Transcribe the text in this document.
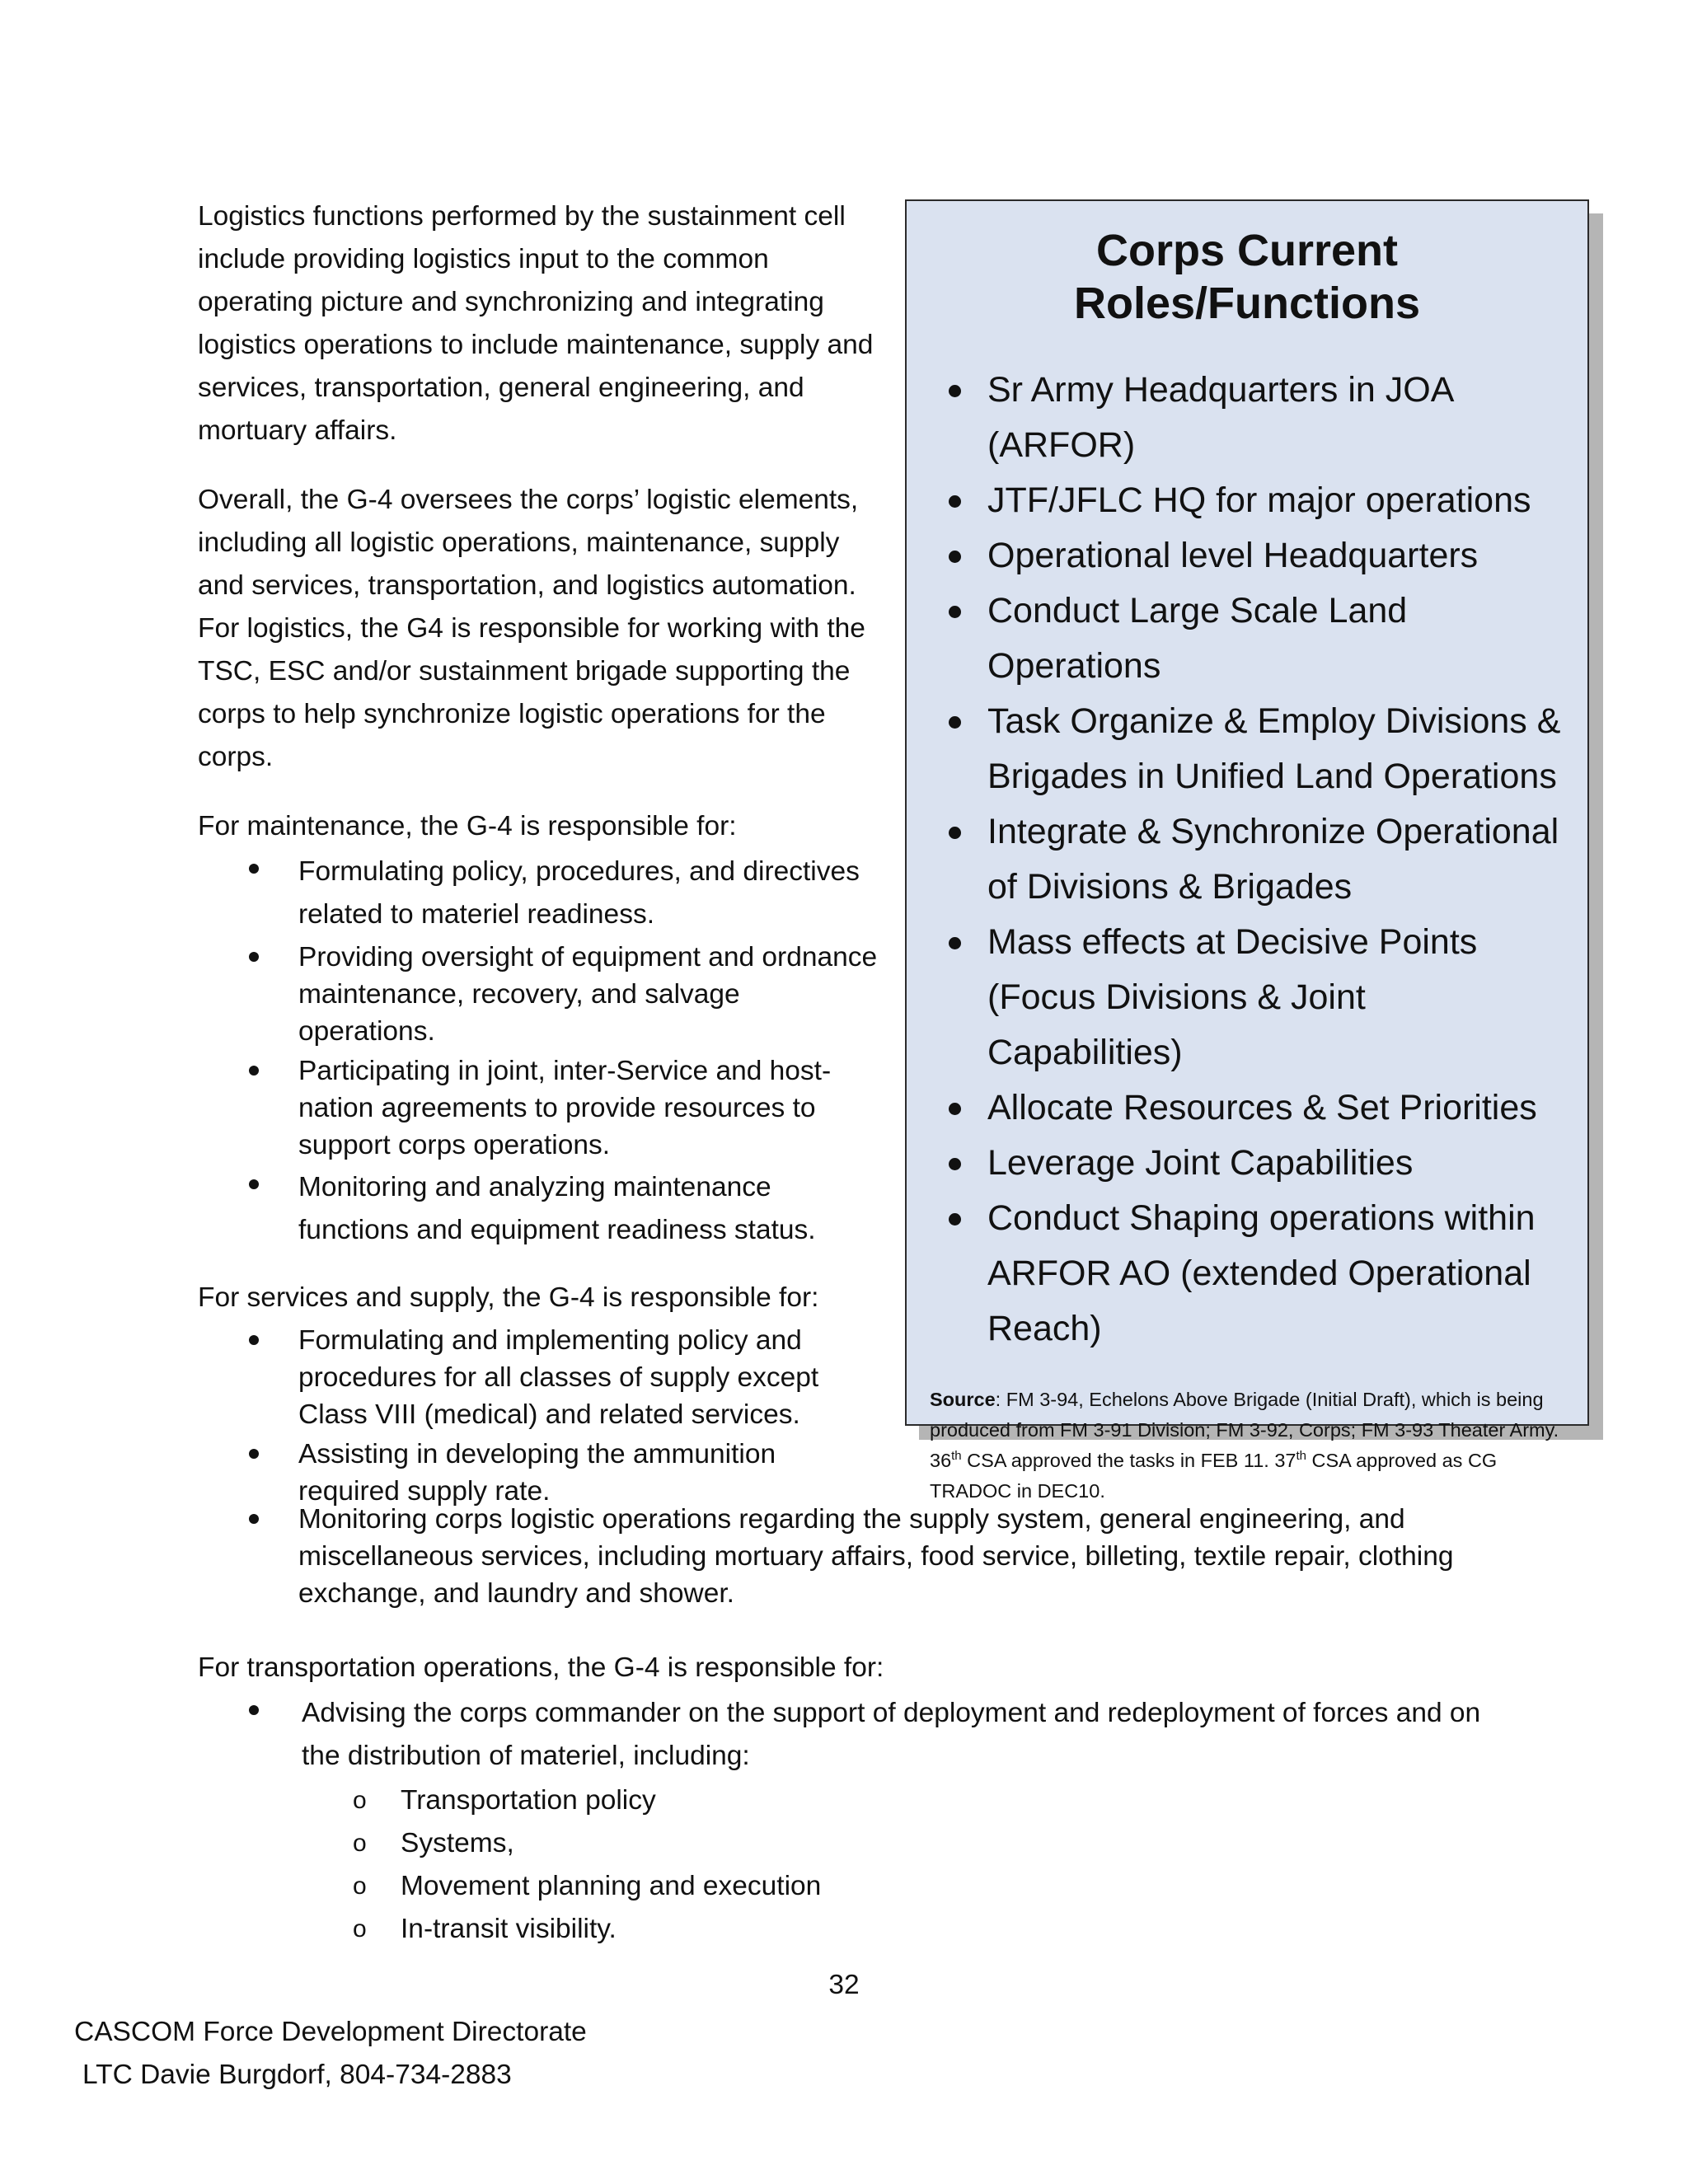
Logistics functions performed by the sustainment cell include providing logistics input to the common operating picture and synchronizing and integrating logistics operations to include maintenance, supply and services, transportation, general engineering, and mortuary affairs.

Overall, the G-4 oversees the corps’ logistic elements, including all logistic operations, maintenance, supply and services, transportation, and logistics automation. For logistics, the G4 is responsible for working with the TSC, ESC and/or sustainment brigade supporting the corps to help synchronize logistic operations for the corps.

For maintenance, the G-4 is responsible for:

Formulating policy, procedures, and directives related to materiel readiness.
Providing oversight of equipment and ordnance maintenance, recovery, and salvage operations.
Participating in joint, inter-Service and host-nation agreements to provide resources to support corps operations.
Monitoring and analyzing maintenance functions and equipment readiness status.

For services and supply, the G-4 is responsible for:

Formulating and implementing policy and procedures for all classes of supply except Class VIII (medical) and related services.
Assisting in developing the ammunition required supply rate.
Monitoring corps logistic operations regarding the supply system, general engineering, and miscellaneous services, including mortuary affairs, food service, billeting, textile repair, clothing exchange, and laundry and shower.

For transportation operations, the G-4 is responsible for:

Advising the corps commander on the support of deployment and redeployment of forces and on the distribution of materiel, including:
o Transportation policy
o Systems,
o Movement planning and execution
o In-transit visibility.
Corps Current Roles/Functions
Sr Army Headquarters in JOA (ARFOR)
JTF/JFLC HQ for major operations
Operational level Headquarters
Conduct Large Scale Land Operations
Task Organize & Employ Divisions & Brigades in Unified Land Operations
Integrate & Synchronize Operational of Divisions & Brigades
Mass effects at Decisive Points (Focus Divisions & Joint Capabilities)
Allocate Resources & Set Priorities
Leverage Joint Capabilities
Conduct Shaping operations within ARFOR AO (extended Operational Reach)
Source: FM 3-94, Echelons Above Brigade (Initial Draft), which is being produced from FM 3-91 Division; FM 3-92, Corps; FM 3-93 Theater Army. 36th CSA approved the tasks in FEB 11. 37th CSA approved as CG TRADOC in DEC10.
32
CASCOM Force Development Directorate
LTC Davie Burgdorf, 804-734-2883
